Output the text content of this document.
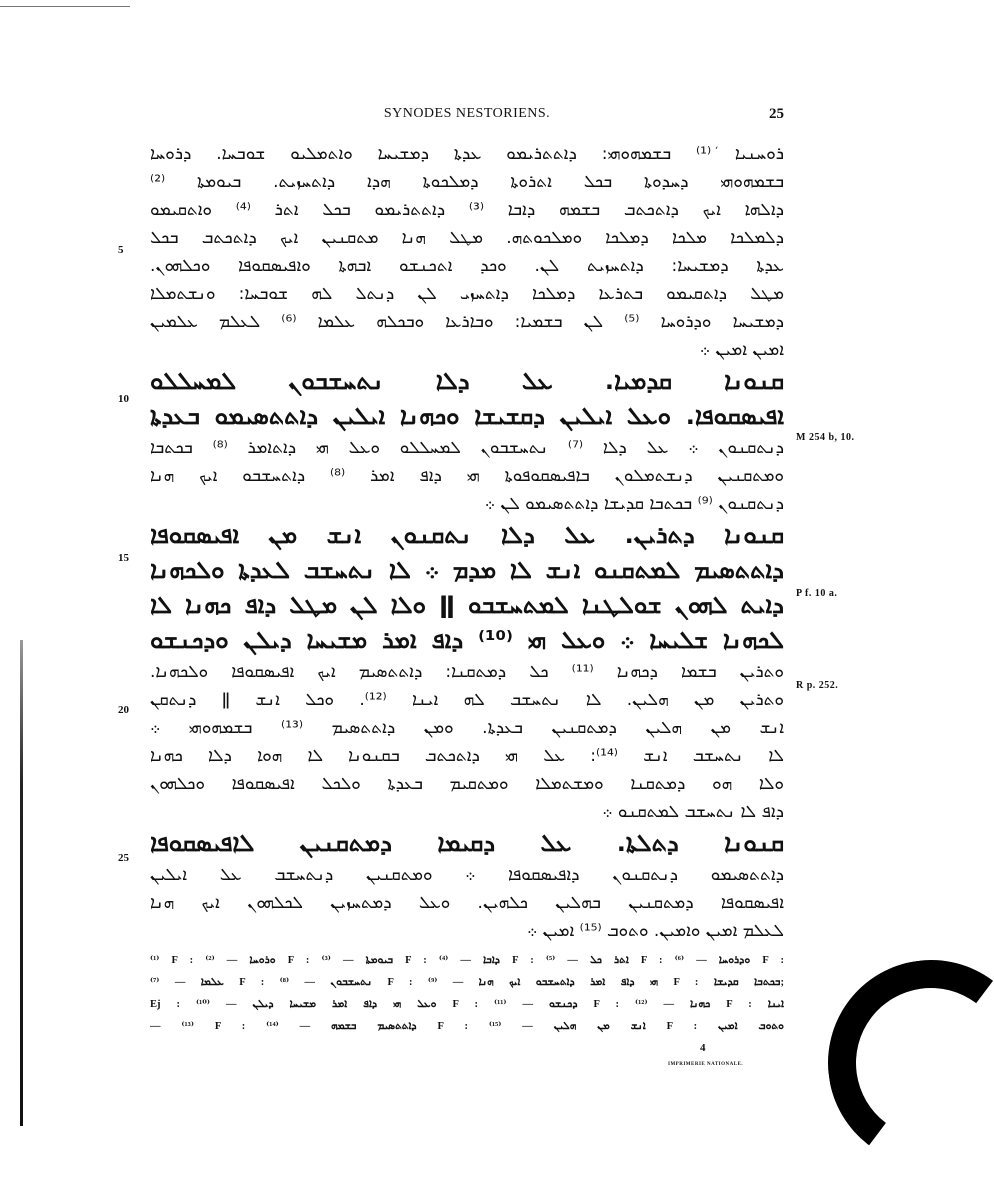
SYNODES NESTORIENS.	25
ܪܘܚܢܝܐ ܿ⁽¹⁾ ܒܫܡܗܘܗܝ: ܕܐܬܬܪܝܡܘ ܥܕܬܐ ܕܡܫܝܚܐ ܘܐܬܡܠܝܘ ܫܘܒܚܐ. ܕܪܘܚܐ
ܒܫܡܗܘܗܝ ܕܚܕܘܬܐ ܒܟܠ ܐܬܪܘܬܐ ܕܡܠܟܘܬܐ ܗܕܐ ܕܐܬܚܙܝܬ. ܒܝܘܡܬܐ ⁽²⁾
ܕܐܠܗܐ ܐܝܟ ܕܐܬܟܬܒ ܒܫܡܗ ܕܐܒܐ ⁽³⁾ ܕܐܬܬܪܝܡܘ ܒܟܠ ܐܬܪ ⁽⁴⁾ ܘܐܬܩܝܡܘ
ܕܠܡܠܟܐ ܡܠܟܐ ܕܡܠܟܐ ܘܡܠܟܘܬܗ. ܡܛܠ ܗܢܐ ܡܬܩܢܝܢ ܐܝܟ ܕܐܬܟܬܒ ܒܟܠ
ܥܕܬܐ ܕܡܫܝܚܐ: ܕܐܬܚܙܝܬ ܠܢ. ܘܟܕ ܐܬܟܢܫܘ ܐܒܗܬܐ ܘܐܦܝܣܩܘܦܐ ܘܟܠܗܘܢ.
ܡܛܠ ܕܐܬܩܝܡܘ ܒܬܪܥܐ ܕܡܠܟܐ ܕܐܬܚܙܝ ܠܢ ܕܢܬܠ ܠܗ ܫܘܒܚܐ: ܘܢܫܬܡܠܐ
ܕܡܫܝܚܐ ܘܕܪܘܚܐ ⁽⁵⁾ ܠܢ ܒܫܡܝܐ: ܘܒܐܪܥܐ ܘܒܟܠܗ ܥܠܡܐ ⁽⁶⁾ ܠܥܠܡ ܥܠܡܝܢ
ܐܡܝܢ ܐܡܝܢ ܀
ܩܢܘܢܐ ܩܕܡܝܐ. ܥܠ ܕܠܐ ܢܬܚܫܒܘܢ ܠܡܚܠܠܘ
ܐܦܝܣܩܘܦܐ. ܘܥܠ ܐܝܠܝܢ ܕܩܫܝܫܐ ܘܟܗܢܐ ܐܝܠܝܢ ܕܐܬܬܣܝܡܘ ܒܥܕܬܐ
ܕܢܬܩܢܘܢ ܀ ܥܠ ܕܠܐ ⁽⁷⁾ ܢܬܚܫܒܘܢ ܠܡܚܠܠܘ ܘܥܠ ܗܝ ܕܐܬܐܡܪ ⁽⁸⁾ ܒܟܬܒܐ
ܘܡܬܩܢܝܢ ܕܢܫܬܡܠܘܢ ܒܐܦܝܣܩܘܦܘܬܐ ܗܝ ܕܐܦ ܐܡܪ ⁽⁸⁾ ܕܐܬܚܫܒܘ ܐܝܟ ܗܢܐ
ܕܢܬܩܢܘܢ ⁽⁹⁾ ܒܟܬܒܐ ܩܕܝܫܐ ܕܐܬܬܣܝܡܘ ܠܢ ܀
ܩܢܘܢܐ ܕܬܪܝܢ. ܥܠ ܕܠܐ ܢܬܩܢܘܢ ܐܢܫ ܡܢ ܐܦܝܣܩܘܦܐ
ܕܐܬܬܣܝܡ ܠܡܬܩܢܘ ܐܢܫ ܠܐ ܡܕܡ ܀ ܠܐ ܢܬܚܫܒ ܠܥܕܬܐ ܘܠܟܗܢܐ
ܕܐܝܬ ܠܗܘܢ ܫܘܠܛܢܐ ܠܡܬܚܫܒܘ ǁ ܘܠܐ ܠܢ ܡܛܠ ܕܐܦ ܟܗܢܐ ܠܐ
ܠܟܗܢܐ ܫܠܝܚܐ ܀ ܘܥܠ ܗܝ ⁽¹⁰⁾ ܕܐܦ ܐܡܪ ܡܫܝܚܐ ܕܝܠܢ ܘܕܟܢܫܘ
ܘܬܪܝܢ ܒܫܡܐ ܕܟܗܢܐ ⁽¹¹⁾ ܟܠ ܕܡܬܩܢܐ: ܕܐܬܬܣܝܡ ܐܝܟ ܐܦܝܣܩܘܦܐ ܘܠܟܗܢܐ.
ܘܬܪܝܢ ܡܢ ܗܠܝܢ. ܠܐ ܢܬܚܫܒ ܠܗ ܐܝܢܐ ⁽¹²⁾. ܘܟܠ ܐܢܫ ǁ ܕܢܬܩܢ
ܐܢܫ ܡܢ ܗܠܝܢ ܕܡܬܩܢܝܢ ܒܥܕܬܐ. ܘܡܢ ܕܐܬܬܣܝܡ ⁽¹³⁾ ܒܫܡܗܘܗܝ ܀
ܠܐ ܢܬܚܫܒ ܐܢܫ ⁽¹⁴⁾: ܥܠ ܗܝ ܕܐܬܟܬܒ ܒܩܢܘܢܐ ܠܐ ܗܘܐ ܕܠܐ ܟܗܢܐ
ܘܠܐ ܗܘ ܕܡܬܩܢܐ ܘܡܫܬܡܠܐ ܘܡܬܩܝܡ ܒܥܕܬܐ ܘܠܟܠ ܐܦܝܣܩܘܦܐ ܘܟܠܗܘܢ
ܕܐܦ ܠܐ ܢܬܚܫܒ ܠܡܬܩܢܘ ܀
ܩܢܘܢܐ ܕܬܠܬܐ. ܥܠ ܕܩܝܡܐ ܕܡܬܩܢܝܢ ܠܐܦܝܣܩܘܦܐ
ܕܐܬܬܣܝܡܘ ܕܢܬܩܢܘܢ ܕܐܦܝܣܩܘܦܐ ܀ ܘܡܬܩܢܝܢ ܕܢܬܚܫܒ ܥܠ ܐܝܠܝܢ
ܐܦܝܣܩܘܦܐ ܕܡܬܩܢܝܢ ܒܗܠܝܢ ܟܠܗܝܢ. ܘܥܠ ܕܡܬܚܙܝܢ ܠܟܠܗܘܢ ܐܝܟ ܗܢܐ
ܠܥܠܡ ܐܡܝܢ ܘܐܡܝܢ. ܘܬܘܒ ⁽¹⁵⁾ ܐܡܝܢ ܀
5
10
15
20
25
M 254 b, 10.
P f. 10 a.
R p. 252.
⁽¹⁾ F : ܘܪܘܚܐ — ⁽²⁾ F : ܒܝܘܡܬܐ — ⁽³⁾ F : ܕܐܒܐ — ⁽⁴⁾ F : ܐܬܪ ܟܠ — ⁽⁵⁾ F : ܘܕܪܘܚܐ — ⁽⁶⁾ F :
ܥܠܡܐ — ⁽⁷⁾ F : ܢܬܚܫܒܘܢ — ⁽⁸⁾ F : ܗܝ ܕܐܦ ܐܡܪ ܕܐܬܚܫܒܘ ܐܝܟ ܗܢܐ — ⁽⁹⁾ F : ܒܟܬܒܐ ܩܕܝܫܐ;
Ej : ܘܥܠ ܗܝ ܕܐܦ ܐܡܪ ܡܫܝܚܐ ܕܝܠܢ — ⁽¹⁰⁾ F : ܕܟܢܫܘ — ⁽¹¹⁾ F : ܟܗܢܐ — ⁽¹²⁾ F : ܐܝܢܐ
— ⁽¹³⁾ F : ܕܐܬܬܣܝܡ ܒܫܡܗ — ⁽¹⁴⁾ F : ܐܢܫ ܡܢ ܗܠܝܢ — ⁽¹⁵⁾ F : ܘܬܘܒ ܐܡܝܢ
4
IMPRIMERIE NATIONALE.
